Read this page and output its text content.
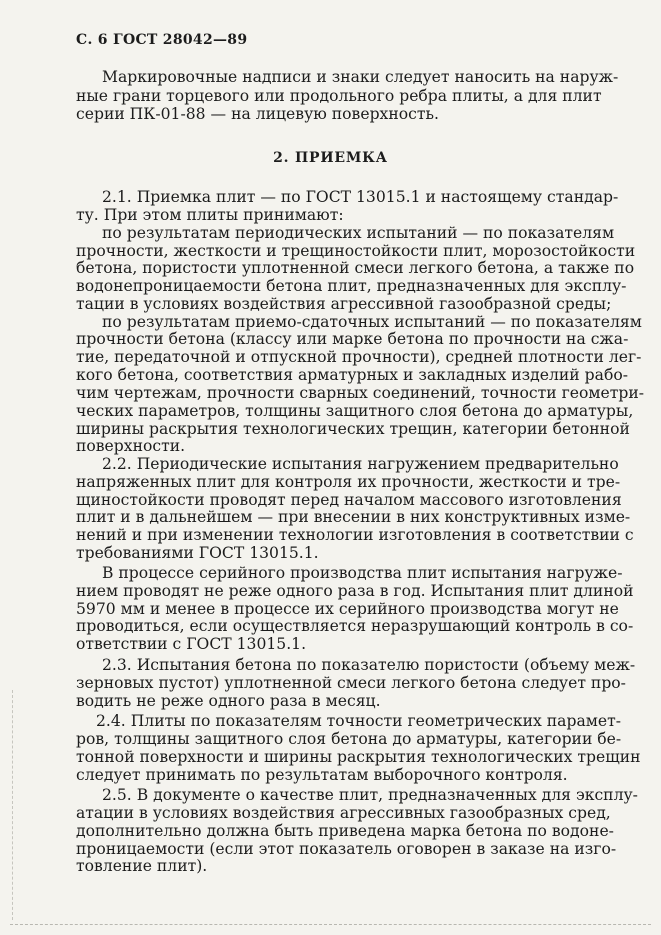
С. 6 ГОСТ 28042—89
Маркировочные надписи и знаки следует наносить на наруж-
ные грани торцевого или продольного ребра плиты, а для плит
серии ПК-01-88 — на лицевую поверхность.
2. ПРИЕМКА
2.1. Приемка плит — по ГОСТ 13015.1 и настоящему стандар-
ту. При этом плиты принимают:
по результатам периодических испытаний — по показателям
прочности, жесткости и трещиностойкости плит, морозостойкости
бетона, пористости уплотненной смеси легкого бетона, а также по
водонепроницаемости бетона плит, предназначенных для эксплу-
тации в условиях воздействия агрессивной газообразной среды;
по результатам приемо-сдаточных испытаний — по показателям
прочности бетона (классу или марке бетона по прочности на сжа-
тие, передаточной и отпускной прочности), средней плотности лег-
кого бетона, соответствия арматурных и закладных изделий рабо-
чим чертежам, прочности сварных соединений, точности геометри-
ческих параметров, толщины защитного слоя бетона до арматуры,
ширины раскрытия технологических трещин, категории бетонной
поверхности.
2.2. Периодические испытания нагружением предварительно
напряженных плит для контроля их прочности, жесткости и тре-
щиностойкости проводят перед началом массового изготовления
плит и в дальнейшем — при внесении в них конструктивных изме-
нений и при изменении технологии изготовления в соответствии с
требованиями ГОСТ 13015.1.
В процессе серийного производства плит испытания нагруже-
нием проводят не реже одного раза в год. Испытания плит длиной
5970 мм и менее в процессе их серийного производства могут не
проводиться, если осуществляется неразрушающий контроль в со-
ответствии с ГОСТ 13015.1.
2.3. Испытания бетона по показателю пористости (объему меж-
зерновых пустот) уплотненной смеси легкого бетона следует про-
водить не реже одного раза в месяц.
2.4. Плиты по показателям точности геометрических парамет-
ров, толщины защитного слоя бетона до арматуры, категории бе-
тонной поверхности и ширины раскрытия технологических трещин
следует принимать по результатам выборочного контроля.
2.5. В документе о качестве плит, предназначенных для эксплу-
атации в условиях воздействия агрессивных газообразных сред,
дополнительно должна быть приведена марка бетона по водоне-
проницаемости (если этот показатель оговорен в заказе на изго-
товление плит).
